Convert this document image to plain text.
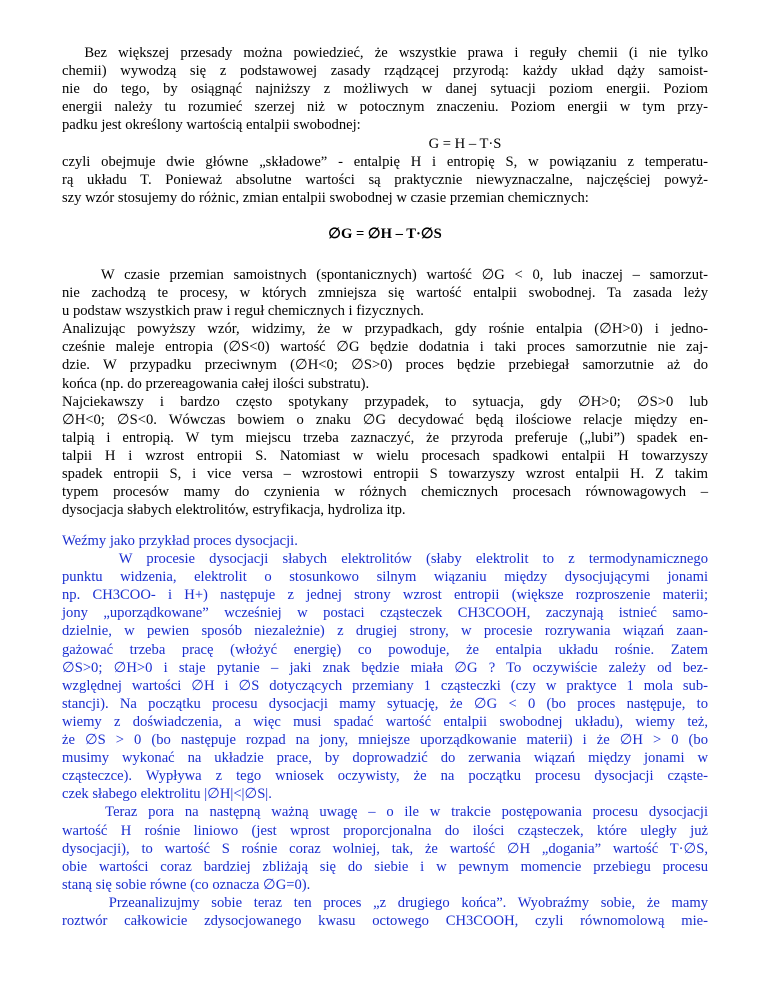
Bez większej przesady można powiedzieć, że wszystkie prawa i reguły chemii (i nie tylko
chemii) wywodzą się z podstawowej zasady rządzącej przyrodą: każdy układ dąży samoist-
nie do tego, by osiągnąć najniższy z możliwych w danej sytuacji poziom energii. Poziom
energii należy tu rozumieć szerzej niż w potocznym znaczeniu. Poziom energii w tym przy-
padku jest określony wartością entalpii swobodnej:
G = H – T·S
czyli obejmuje dwie główne „składowe” - entalpię H i entropię S, w powiązaniu z temperatu-
rą układu T. Ponieważ absolutne wartości są praktycznie niewyznaczalne, najczęściej powyż-
szy wzór stosujemy do różnic, zmian entalpii swobodnej w czasie przemian chemicznych:
∅G = ∅H – T·∅S
W czasie przemian samoistnych (spontanicznych) wartość ∅G < 0, lub inaczej – samorzut-
nie zachodzą te procesy, w których zmniejsza się wartość entalpii swobodnej. Ta zasada leży
u podstaw wszystkich praw i reguł chemicznych i fizycznych.
Analizując powyższy wzór, widzimy, że w przypadkach, gdy rośnie entalpia (∅H>0) i jedno-
cześnie maleje entropia (∅S<0) wartość ∅G będzie dodatnia i taki proces samorzutnie nie zaj-
dzie. W przypadku przeciwnym (∅H<0; ∅S>0) proces będzie przebiegał samorzutnie aż do
końca (np. do przereagowania całej ilości substratu).
Najciekawszy i bardzo często spotykany przypadek, to sytuacja, gdy ∅H>0; ∅S>0 lub
∅H<0; ∅S<0. Wówczas bowiem o znaku ∅G decydować będą ilościowe relacje między en-
talpią i entropią. W tym miejscu trzeba zaznaczyć, że przyroda preferuje („lubi”) spadek en-
talpii H i wzrost entropii S. Natomiast w wielu procesach spadkowi entalpii H towarzyszy
spadek entropii S, i vice versa – wzrostowi entropii S towarzyszy wzrost entalpii H. Z takim
typem procesów mamy do czynienia w różnych chemicznych procesach równowagowych –
dysocjacja słabych elektrolitów, estryfikacja, hydroliza itp.
Weźmy jako przykład proces dysocjacji.
W procesie dysocjacji słabych elektrolitów (słaby elektrolit to z termodynamicznego
punktu widzenia, elektrolit o stosunkowo silnym wiązaniu między dysocjującymi jonami
np. CH3COO- i H+) następuje z jednej strony wzrost entropii (większe rozproszenie materii;
jony „uporządkowane” wcześniej w postaci cząsteczek CH3COOH, zaczynają istnieć samo-
dzielnie, w pewien sposób niezależnie) z drugiej strony, w procesie rozrywania wiązań zaan-
gażować trzeba pracę (włożyć energię) co powoduje, że entalpia układu rośnie. Zatem
∅S>0; ∅H>0 i staje pytanie – jaki znak będzie miała ∅G ? To oczywiście zależy od bez-
względnej wartości ∅H i ∅S dotyczących przemiany 1 cząsteczki (czy w praktyce 1 mola sub-
stancji). Na początku procesu dysocjacji mamy sytuację, że ∅G < 0 (bo proces następuje, to
wiemy z doświadczenia, a więc musi spadać wartość entalpii swobodnej układu), wiemy też,
że ∅S > 0 (bo następuje rozpad na jony, mniejsze uporządkowanie materii) i że ∅H > 0 (bo
musimy wykonać na układzie prace, by doprowadzić do zerwania wiązań między jonami w
cząsteczce). Wypływa z tego wniosek oczywisty, że na początku procesu dysocjacji cząste-
czek słabego elektrolitu |∅H|<|∅S|.
Teraz pora na następną ważną uwagę – o ile w trakcie postępowania procesu dysocjacji
wartość H rośnie liniowo (jest wprost proporcjonalna do ilości cząsteczek, które uległy już
dysocjacji), to wartość S rośnie coraz wolniej, tak, że wartość ∅H „dogania” wartość T·∅S,
obie wartości coraz bardziej zbliżają się do siebie i w pewnym momencie przebiegu procesu
staną się sobie równe (co oznacza ∅G=0).
Przeanalizujmy sobie teraz ten proces „z drugiego końca”. Wyobraźmy sobie, że mamy
roztwór całkowicie zdysocjowanego kwasu octowego CH3COOH, czyli równomolową mie-
